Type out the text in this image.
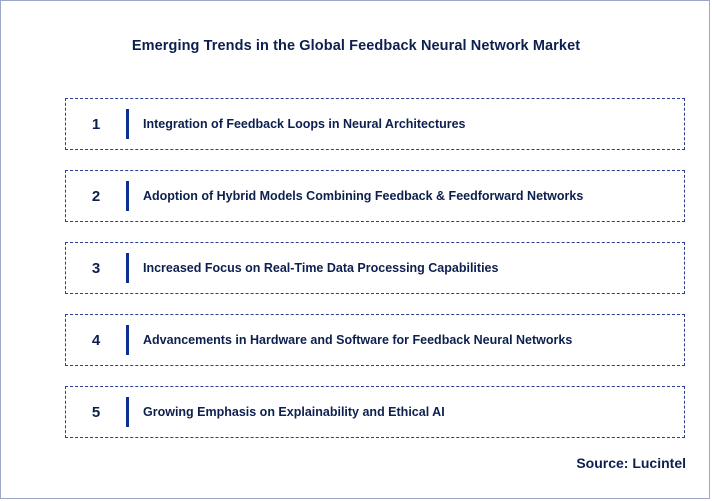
Emerging Trends in the Global Feedback Neural Network Market
1	Integration of Feedback Loops in Neural Architectures
2	Adoption of Hybrid Models Combining Feedback & Feedforward Networks
3	Increased Focus on Real-Time Data Processing Capabilities
4	Advancements in Hardware and Software for Feedback Neural Networks
5	Growing Emphasis on Explainability and Ethical AI
Source: Lucintel
